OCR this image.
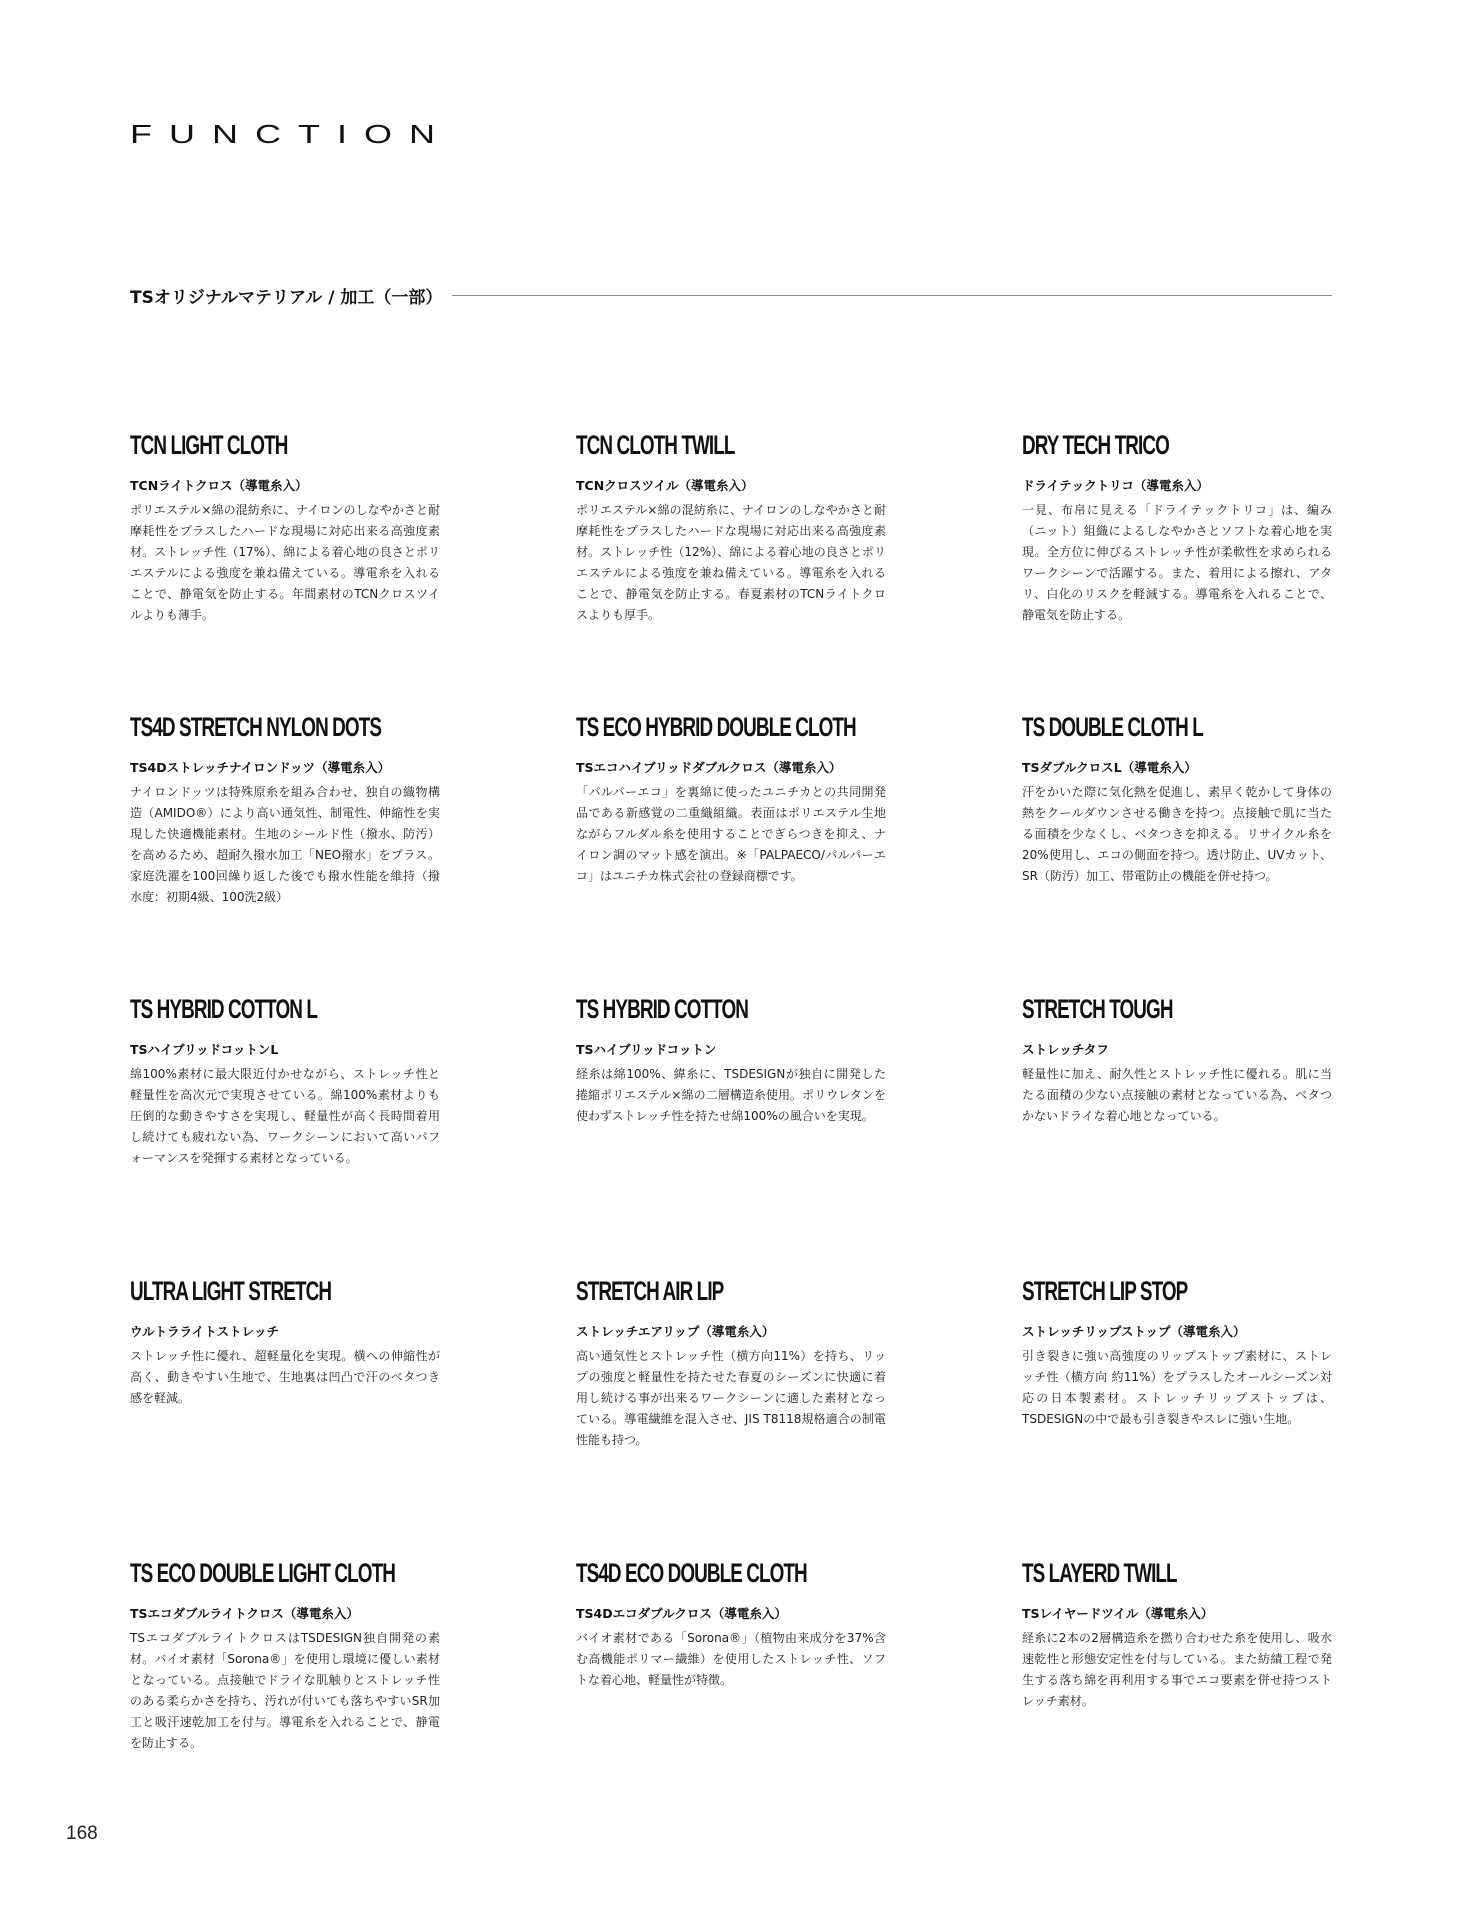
FUNCTION
TSオリジナルマテリアル / 加工（一部）
TCN LIGHT CLOTH
TCNライトクロス（導電糸入）
ポリエステル×綿の混紡糸に、ナイロンのしなやかさと耐摩耗性をプラスしたハードな現場に対応出来る高強度素材。ストレッチ性（17%）、綿による着心地の良さとポリエステルによる強度を兼ね備えている。導電糸を入れることで、静電気を防止する。年間素材のTCNクロスツイルよりも薄手。
TCN CLOTH TWILL
TCNクロスツイル（導電糸入）
ポリエステル×綿の混紡糸に、ナイロンのしなやかさと耐摩耗性をプラスしたハードな現場に対応出来る高強度素材。ストレッチ性（12%）、綿による着心地の良さとポリエステルによる強度を兼ね備えている。導電糸を入れることで、静電気を防止する。春夏素材のTCNライトクロスよりも厚手。
DRY TECH TRICO
ドライテックトリコ（導電糸入）
一見、布帛に見える「ドライテックトリコ」は、編み（ニット）組織によるしなやかさとソフトな着心地を実現。全方位に伸びるストレッチ性が柔軟性を求められるワークシーンで活躍する。また、着用による擦れ、アタリ、白化のリスクを軽減する。導電糸を入れることで、静電気を防止する。
TS4D STRETCH NYLON DOTS
TS4Dストレッチナイロンドッツ（導電糸入）
ナイロンドッツは特殊原糸を組み合わせ、独自の織物構造（AMIDO®）により高い通気性、制電性、伸縮性を実現した快適機能素材。生地のシールド性（撥水、防汚）を高めるため、超耐久撥水加工「NEO撥水」をプラス。家庭洗濯を100回繰り返した後でも撥水性能を維持（撥水度：初期4級、100洗2級）
TS ECO HYBRID DOUBLE CLOTH
TSエコハイブリッドダブルクロス（導電糸入）
「パルパーエコ」を裏綿に使ったユニチカとの共同開発品である新感覚の二重織組織。表面はポリエステル生地ながらフルダル糸を使用することでぎらつきを抑え、ナイロン調のマット感を演出。※「PALPAECO/パルパーエコ」はユニチカ株式会社の登録商標です。
TS DOUBLE CLOTH L
TSダブルクロスL（導電糸入）
汗をかいた際に気化熱を促進し、素早く乾かして身体の熱をクールダウンさせる働きを持つ。点接触で肌に当たる面積を少なくし、ベタつきを抑える。リサイクル糸を20%使用し、エコの側面を持つ。透け防止、UVカット、SR（防汚）加工、帯電防止の機能を併せ持つ。
TS HYBRID COTTON L
TSハイブリッドコットンL
綿100%素材に最大限近付かせながら、ストレッチ性と軽量性を高次元で実現させている。綿100%素材よりも圧倒的な動きやすさを実現し、軽量性が高く長時間着用し続けても疲れない為、ワークシーンにおいて高いパフォーマンスを発揮する素材となっている。
TS HYBRID COTTON
TSハイブリッドコットン
経糸は綿100%、緯糸に、TSDESIGNが独自に開発した捲縮ポリエステル×綿の二層構造糸使用。ポリウレタンを使わずストレッチ性を持たせ綿100%の風合いを実現。
STRETCH TOUGH
ストレッチタフ
軽量性に加え、耐久性とストレッチ性に優れる。肌に当たる面積の少ない点接触の素材となっている為、ベタつかないドライな着心地となっている。
ULTRA LIGHT STRETCH
ウルトラライトストレッチ
ストレッチ性に優れ、超軽量化を実現。横への伸縮性が高く、動きやすい生地で、生地裏は凹凸で汗のベタつき感を軽減。
STRETCH AIR LIP
ストレッチエアリップ（導電糸入）
高い通気性とストレッチ性（横方向11%）を持ち、リップの強度と軽量性を持たせた春夏のシーズンに快適に着用し続ける事が出来るワークシーンに適した素材となっている。導電繊維を混入させ、JIS T8118規格適合の制電性能も持つ。
STRETCH LIP STOP
ストレッチリップストップ（導電糸入）
引き裂きに強い高強度のリップストップ素材に、ストレッチ性（横方向 約11%）をプラスしたオールシーズン対応の日本製素材。ストレッチリップストップは、TSDESIGNの中で最も引き裂きやスレに強い生地。
TS ECO DOUBLE LIGHT CLOTH
TSエコダブルライトクロス（導電糸入）
TSエコダブルライトクロスはTSDESIGN独自開発の素材。バイオ素材「Sorona®」を使用し環境に優しい素材となっている。点接触でドライな肌触りとストレッチ性のある柔らかさを持ち、汚れが付いても落ちやすいSR加工と吸汗速乾加工を付与。導電糸を入れることで、静電を防止する。
TS4D ECO DOUBLE CLOTH
TS4Dエコダブルクロス（導電糸入）
バイオ素材である「Sorona®」（植物由来成分を37%含む高機能ポリマー繊維）を使用したストレッチ性、ソフトな着心地、軽量性が特徴。
TS LAYERD TWILL
TSレイヤードツイル（導電糸入）
経糸に2本の2層構造糸を撚り合わせた糸を使用し、吸水速乾性と形態安定性を付与している。また紡績工程で発生する落ち綿を再利用する事でエコ要素を併せ持つストレッチ素材。
168
